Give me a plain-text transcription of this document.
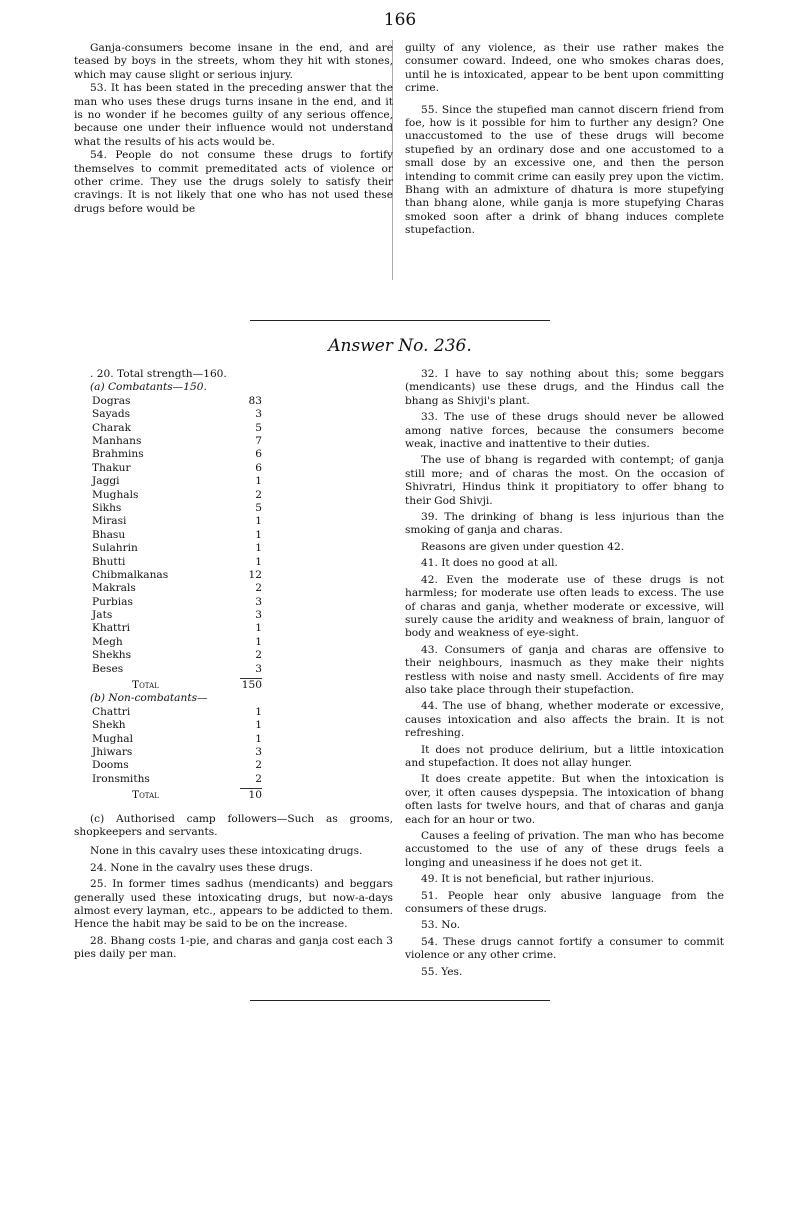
166

Ganja-consumers become insane in the end, and are teased by boys in the streets, whom they hit with stones, which may cause slight or serious injury.

53. It has been stated in the preceding answer that the man who uses these drugs turns insane in the end, and it is no wonder if he becomes guilty of any serious offence, because one under their influence would not understand what the results of his acts would be.

54. People do not consume these drugs to fortify themselves to commit premeditated acts of violence or other crime. They use the drugs solely to satisfy their cravings. It is not likely that one who has not used these drugs before would be

guilty of any violence, as their use rather makes the consumer coward. Indeed, one who smokes charas does, until he is intoxicated, appear to be bent upon committing crime.

55. Since the stupefied man cannot discern friend from foe, how is it possible for him to further any design? One unaccustomed to the use of these drugs will become stupefied by an ordinary dose and one accustomed to a small dose by an excessive one, and then the person intending to commit crime can easily prey upon the victim. Bhang with an admixture of dhatura is more stupefying than bhang alone, while ganja is more stupefying Charas smoked soon after a drink of bhang induces complete stupefaction.

Answer No. 236.

. 20. Total strength—160.

(a) Combatants—150.

Dogras	83
Sayads	3
Charak	5
Manhans	7
Brahmins	6
Thakur	6
Jaggi	1
Mughals	2
Sikhs	5
Mirasi	1
Bhasu	1
Sulahrin	1
Bhutti	1
Chibmalkanas	12
Makrals	2
Purbias	3
Jats	3
Khattri	1
Megh	1
Shekhs	2
Beses	3
Total	150

(b) Non-combatants—

Chattri	1
Shekh	1
Mughal	1
Jhiwars	3
Dooms	2
Ironsmiths	2
Total	10

(c) Authorised camp followers—Such as grooms, shopkeepers and servants.

None in this cavalry uses these intoxicating drugs.

24. None in the cavalry uses these drugs.

25. In former times sadhus (mendicants) and beggars generally used these intoxicating drugs, but now-a-days almost every layman, etc., appears to be addicted to them. Hence the habit may be said to be on the increase.

28. Bhang costs 1-pie, and charas and ganja cost each 3 pies daily per man.

32. I have to say nothing about this; some beggars (mendicants) use these drugs, and the Hindus call the bhang as Shivji's plant.

33. The use of these drugs should never be allowed among native forces, because the consumers become weak, inactive and inattentive to their duties.

The use of bhang is regarded with contempt; of ganja still more; and of charas the most. On the occasion of Shivratri, Hindus think it propitiatory to offer bhang to their God Shivji.

39. The drinking of bhang is less injurious than the smoking of ganja and charas.

Reasons are given under question 42.

41. It does no good at all.

42. Even the moderate use of these drugs is not harmless; for moderate use often leads to excess. The use of charas and ganja, whether moderate or excessive, will surely cause the aridity and weakness of brain, languor of body and weakness of eye-sight.

43. Consumers of ganja and charas are offensive to their neighbours, inasmuch as they make their nights restless with noise and nasty smell. Accidents of fire may also take place through their stupefaction.

44. The use of bhang, whether moderate or excessive, causes intoxication and also affects the brain. It is not refreshing.

It does not produce delirium, but a little intoxication and stupefaction. It does not allay hunger.

It does create appetite. But when the intoxication is over, it often causes dyspepsia. The intoxication of bhang often lasts for twelve hours, and that of charas and ganja each for an hour or two.

Causes a feeling of privation. The man who has become accustomed to the use of any of these drugs feels a longing and uneasiness if he does not get it.

49. It is not beneficial, but rather injurious.

51. People hear only abusive language from the consumers of these drugs.

53. No.

54. These drugs cannot fortify a consumer to commit violence or any other crime.

55. Yes.
